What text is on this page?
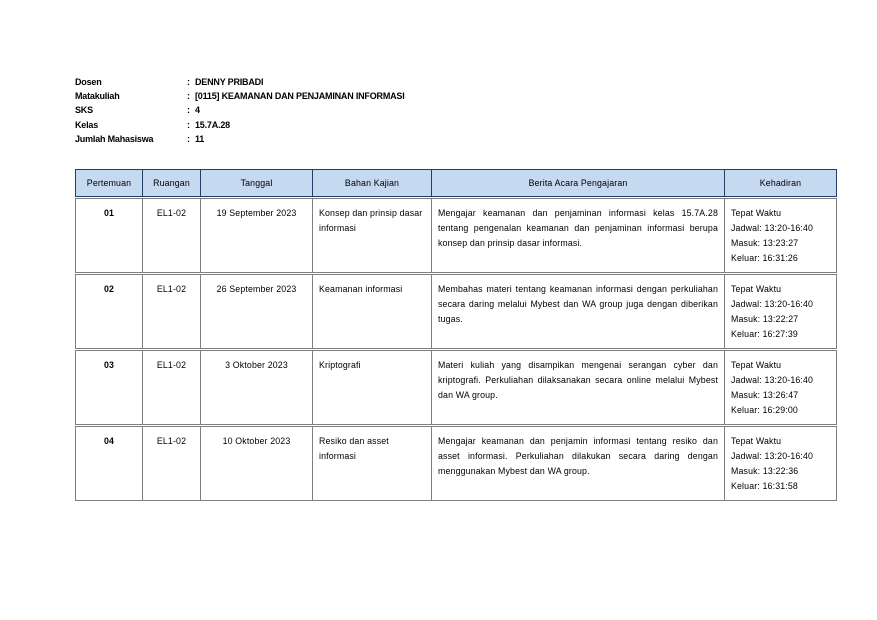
Dosen	: DENNY PRIBADI
Matakuliah	: [0115] KEAMANAN DAN PENJAMINAN INFORMASI
SKS	: 4
Kelas	: 15.7A.28
Jumlah Mahasiswa	: 11
Pertemuan	Ruangan	Tanggal	Bahan Kajian	Berita Acara Pengajaran	Kehadiran

01	EL1-02	19 September 2023	Konsep dan prinsip dasar informasi	Mengajar keamanan dan penjaminan informasi kelas 15.7A.28 tentang pengenalan keamanan dan penjaminan informasi berupa konsep dan prinsip dasar informasi.	Tepat Waktu
Jadwal: 13:20-16:40
Masuk: 13:23:27
Keluar: 16:31:26

02	EL1-02	26 September 2023	Keamanan informasi	Membahas materi tentang keamanan informasi dengan perkuliahan secara daring melalui Mybest dan WA group juga dengan diberikan tugas.	Tepat Waktu
Jadwal: 13:20-16:40
Masuk: 13:22:27
Keluar: 16:27:39

03	EL1-02	3 Oktober 2023	Kriptografi	Materi kuliah yang disampikan mengenai serangan cyber dan kriptografi. Perkuliahan dilaksanakan secara online melalui Mybest dan WA group.	Tepat Waktu
Jadwal: 13:20-16:40
Masuk: 13:26:47
Keluar: 16:29:00

04	EL1-02	10 Oktober 2023	Resiko dan asset informasi	Mengajar keamanan dan penjamin informasi tentang resiko dan asset informasi. Perkuliahan dilakukan secara daring dengan menggunakan Mybest dan WA group.	Tepat Waktu
Jadwal: 13:20-16:40
Masuk: 13:22:36
Keluar: 16:31:58
